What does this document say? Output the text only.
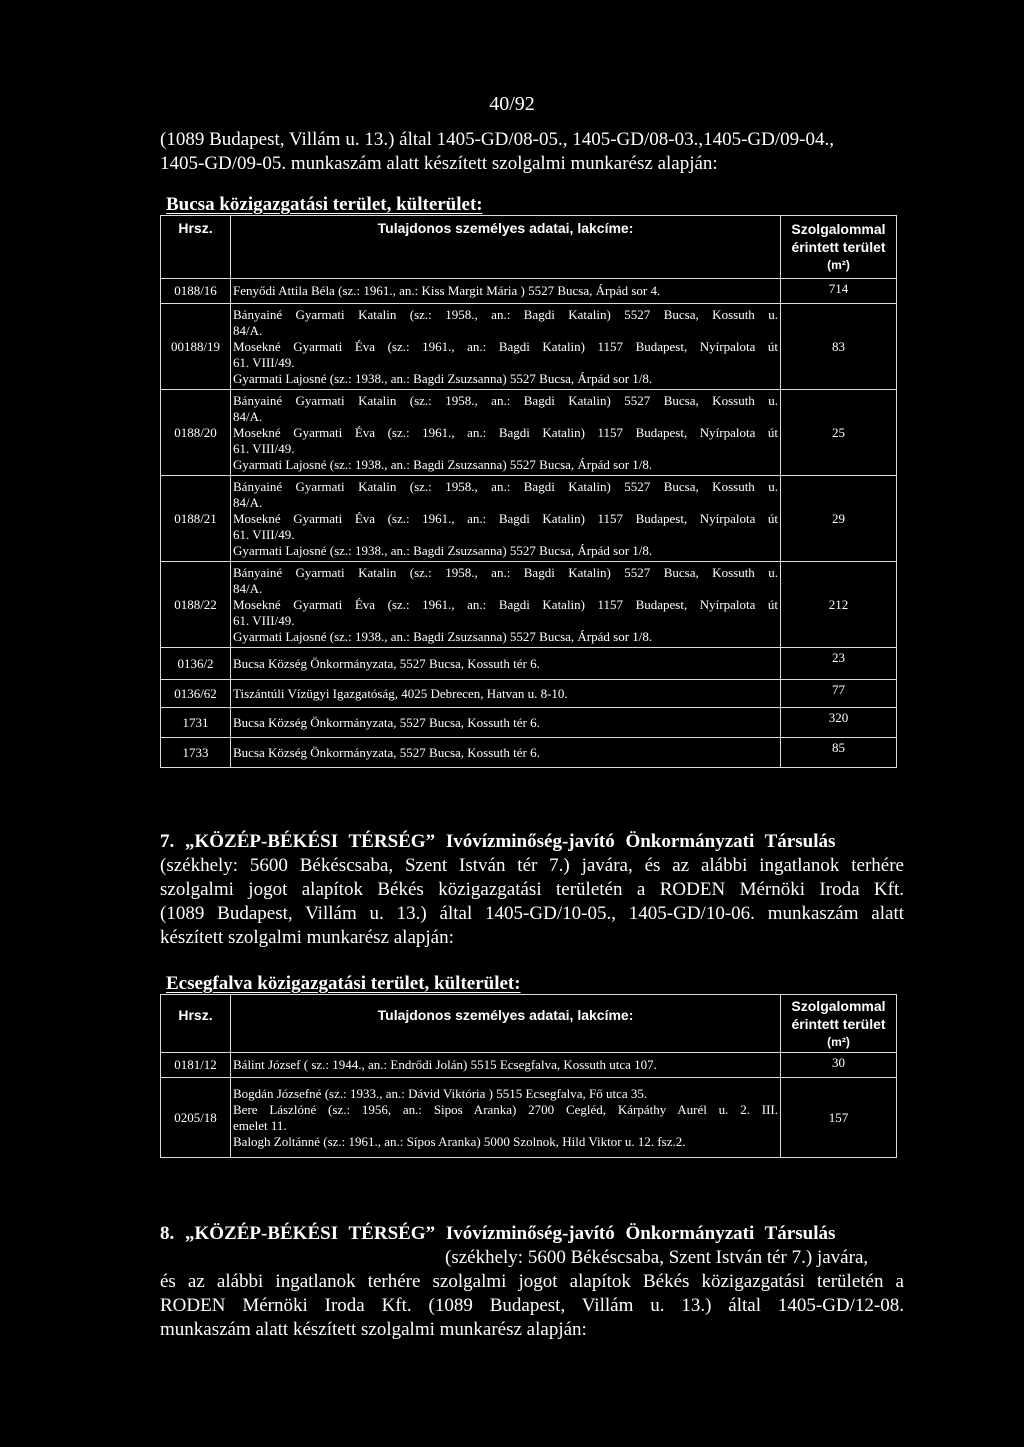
40/92
(1089 Budapest, Villám u. 13.) által 1405-GD/08-05., 1405-GD/08-03.,1405-GD/09-04.,
1405-GD/09-05. munkaszám alatt készített szolgalmi munkarész alapján:
Bucsa közigazgatási terület, külterület:
Hrsz.	Tulajdonos személyes adatai, lakcíme:	Szolgalommal
érintett terület
(m²)

0188/16	Fenyődi Attila Béla (sz.: 1961., an.: Kiss Margit Mária ) 5527 Bucsa, Árpád sor 4.	714
00188/19	Bányainé Gyarmati Katalin (sz.: 1958., an.: Bagdi Katalin) 5527 Bucsa, Kossuth u.
84/A.
Mosekné Gyarmati Éva (sz.: 1961., an.: Bagdi Katalin) 1157 Budapest, Nyírpalota út
61. VIII/49.
Gyarmati Lajosné (sz.: 1938., an.: Bagdi Zsuzsanna) 5527 Bucsa, Árpád sor 1/8.	83
0188/20	Bányainé Gyarmati Katalin (sz.: 1958., an.: Bagdi Katalin) 5527 Bucsa, Kossuth u.
84/A.
Mosekné Gyarmati Éva (sz.: 1961., an.: Bagdi Katalin) 1157 Budapest, Nyírpalota út
61. VIII/49.
Gyarmati Lajosné (sz.: 1938., an.: Bagdi Zsuzsanna) 5527 Bucsa, Árpád sor 1/8.	25
0188/21	Bányainé Gyarmati Katalin (sz.: 1958., an.: Bagdi Katalin) 5527 Bucsa, Kossuth u.
84/A.
Mosekné Gyarmati Éva (sz.: 1961., an.: Bagdi Katalin) 1157 Budapest, Nyírpalota út
61. VIII/49.
Gyarmati Lajosné (sz.: 1938., an.: Bagdi Zsuzsanna) 5527 Bucsa, Árpád sor 1/8.	29
0188/22	Bányainé Gyarmati Katalin (sz.: 1958., an.: Bagdi Katalin) 5527 Bucsa, Kossuth u.
84/A.
Mosekné Gyarmati Éva (sz.: 1961., an.: Bagdi Katalin) 1157 Budapest, Nyírpalota út
61. VIII/49.
Gyarmati Lajosné (sz.: 1938., an.: Bagdi Zsuzsanna) 5527 Bucsa, Árpád sor 1/8.	212
0136/2	Bucsa Község Önkormányzata, 5527 Bucsa, Kossuth tér 6.	23
0136/62	Tiszántúli Vízügyi Igazgatóság, 4025 Debrecen, Hatvan u. 8-10.	77
1731	Bucsa Község Önkormányzata, 5527 Bucsa, Kossuth tér 6.	320
1733	Bucsa Község Önkormányzata, 5527 Bucsa, Kossuth tér 6.	85
7. „KÖZÉP-BÉKÉSI TÉRSÉG” Ivóvízminőség-javító Önkormányzati Társulás
(székhely: 5600 Békéscsaba, Szent István tér 7.) javára, és az alábbi ingatlanok terhére
szolgalmi jogot alapítok Békés közigazgatási területén a RODEN Mérnöki Iroda Kft.
(1089 Budapest, Villám u. 13.) által 1405-GD/10-05., 1405-GD/10-06. munkaszám alatt
készített szolgalmi munkarész alapján:
Ecsegfalva közigazgatási terület, külterület:
Hrsz.	Tulajdonos személyes adatai, lakcíme:	Szolgalommal
érintett terület
(m²)

0181/12	Bálint József ( sz.: 1944., an.: Endrődi Jolán) 5515 Ecsegfalva, Kossuth utca 107.	30
0205/18	Bogdán Józsefné (sz.: 1933., an.: Dávid Viktória ) 5515 Ecsegfalva, Fő utca 35.
Bere Lászlóné (sz.: 1956, an.: Sipos Aranka) 2700 Cegléd, Kárpáthy Aurél u. 2. III.
emelet 11.
Balogh Zoltánné (sz.: 1961., an.: Sípos Aranka) 5000 Szolnok, Hild Viktor u. 12. fsz.2.	157
8. „KÖZÉP-BÉKÉSI TÉRSÉG” Ivóvízminőség-javító Önkormányzati Társulás
(székhely: 5600 Békéscsaba, Szent István tér 7.) javára,
és az alábbi ingatlanok terhére szolgalmi jogot alapítok Békés közigazgatási területén a
RODEN Mérnöki Iroda Kft. (1089 Budapest, Villám u. 13.) által 1405-GD/12-08.
munkaszám alatt készített szolgalmi munkarész alapján:
